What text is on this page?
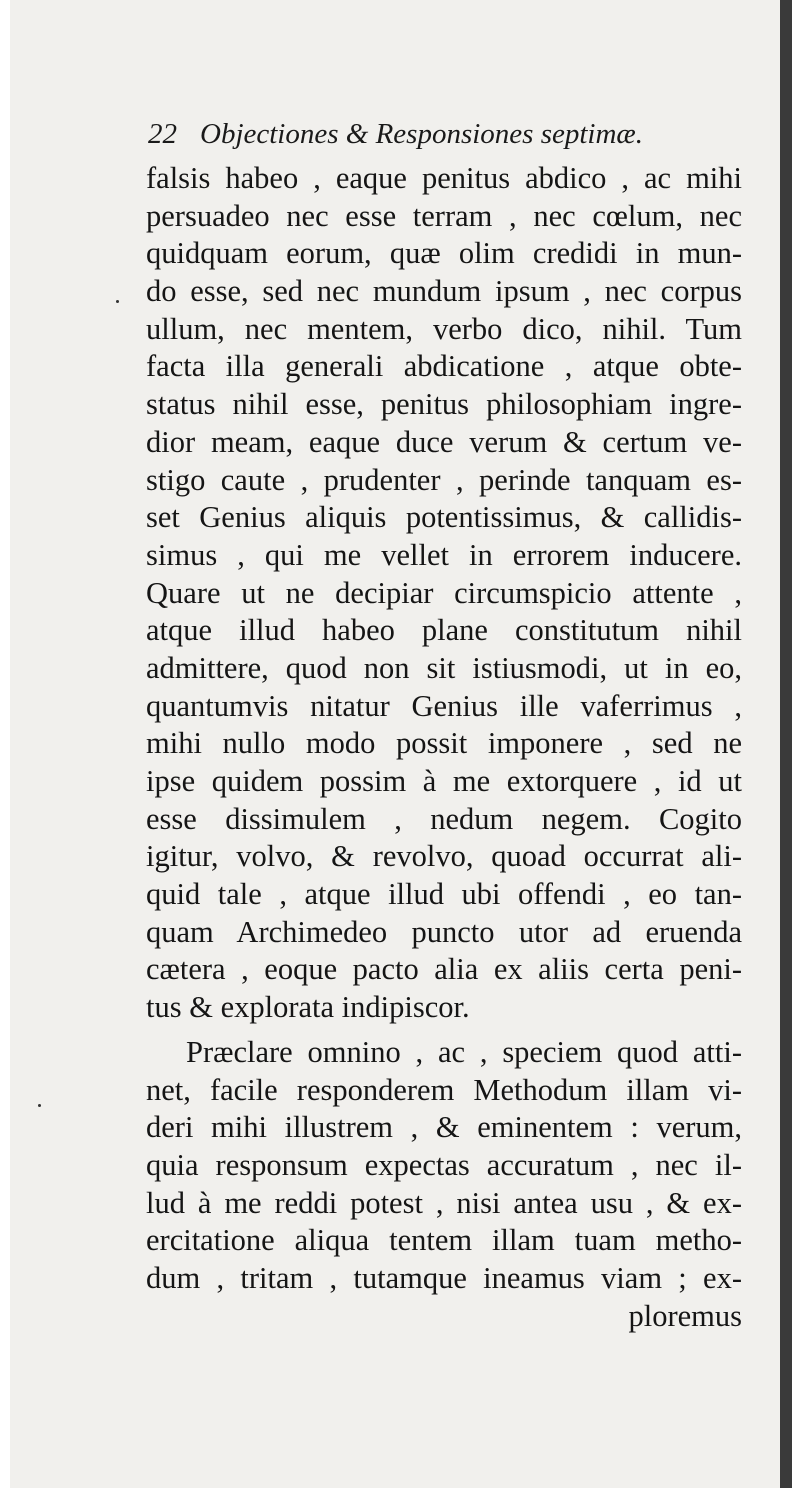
22 Objectiones & Responsiones septimæ.
falsis habeo , eaque penitus abdico , ac mihi
persuadeo nec esse terram , nec cœlum, nec
quidquam eorum, quæ olim credidi in mun-
do esse, sed nec mundum ipsum , nec corpus
ullum, nec mentem, verbo dico, nihil. Tum
facta illa generali abdicatione , atque obte-
status nihil esse, penitus philosophiam ingre-
dior meam, eaque duce verum & certum ve-
stigo caute , prudenter , perinde tanquam es-
set Genius aliquis potentissimus, & callidis-
simus , qui me vellet in errorem inducere.
Quare ut ne decipiar circumspicio attente ,
atque illud habeo plane constitutum nihil
admittere, quod non sit istiusmodi, ut in eo,
quantumvis nitatur Genius ille vaferrimus ,
mihi nullo modo possit imponere , sed ne
ipse quidem possim à me extorquere , id ut
esse dissimulem , nedum negem. Cogito
igitur, volvo, & revolvo, quoad occurrat ali-
quid tale , atque illud ubi offendi , eo tan-
quam Archimedeo puncto utor ad eruenda
cætera , eoque pacto alia ex aliis certa peni-
tus & explorata indipiscor.
Præclare omnino , ac , speciem quod atti-
net, facile responderem Methodum illam vi-
deri mihi illustrem , & eminentem : verum,
quia responsum expectas accuratum , nec il-
lud à me reddi potest , nisi antea usu , & ex-
ercitatione aliqua tentem illam tuam metho-
dum , tritam , tutamque ineamus viam ; ex-
ploremus
